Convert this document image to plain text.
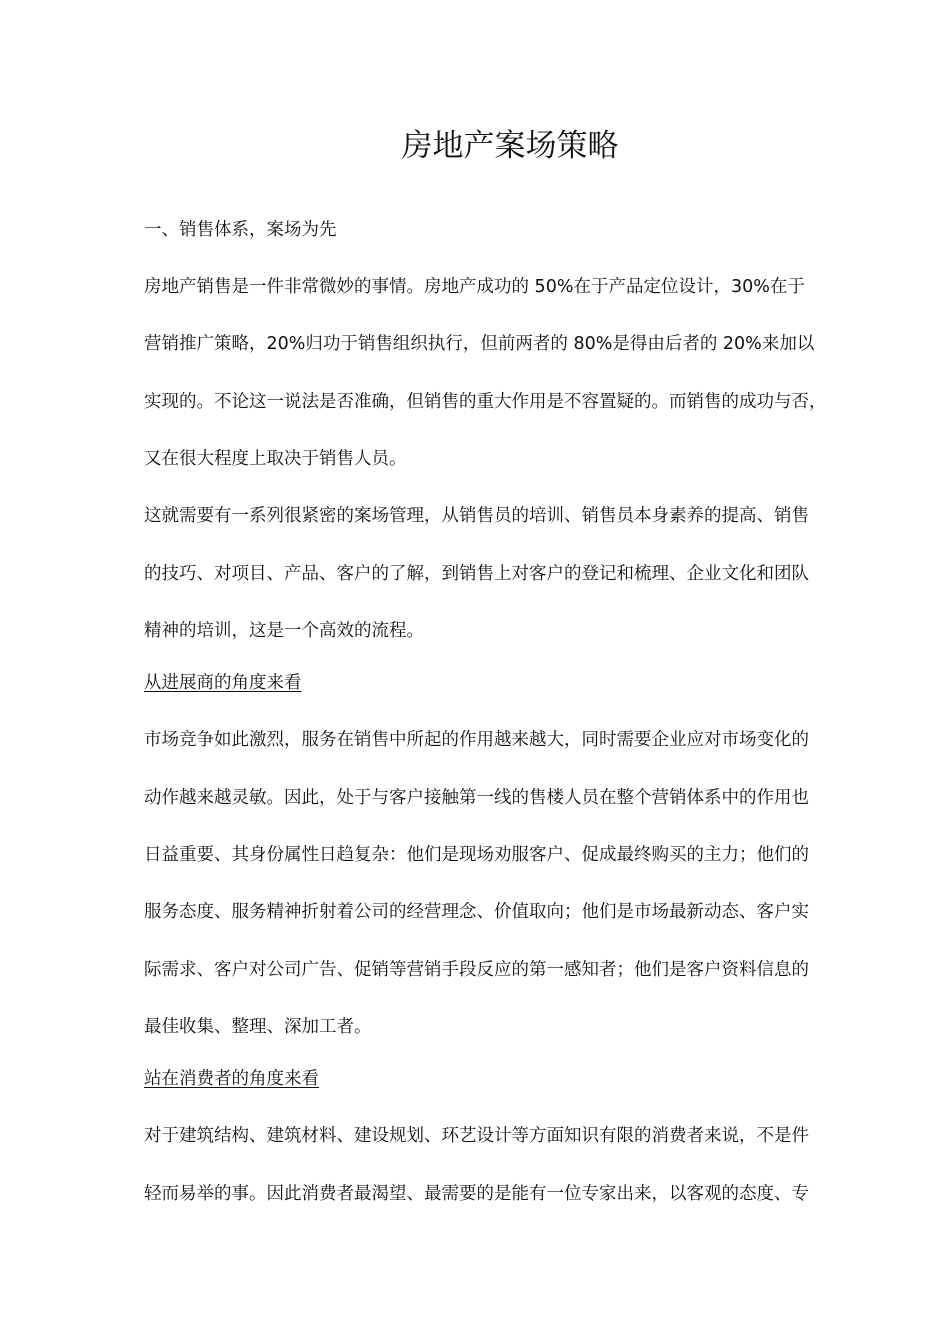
房地产案场策略
一、销售体系，案场为先
房地产销售是一件非常微妙的事情。房地产成功的 50%在于产品定位设计，30%在于
营销推广策略，20%归功于销售组织执行，但前两者的 80%是得由后者的 20%来加以
实现的。不论这一说法是否准确，但销售的重大作用是不容置疑的。而销售的成功与否，
又在很大程度上取决于销售人员。
这就需要有一系列很紧密的案场管理，从销售员的培训、销售员本身素养的提高、销售
的技巧、对项目、产品、客户的了解，到销售上对客户的登记和梳理、企业文化和团队
精神的培训，这是一个高效的流程。
从进展商的角度来看
市场竞争如此激烈，服务在销售中所起的作用越来越大，同时需要企业应对市场变化的
动作越来越灵敏。因此，处于与客户接触第一线的售楼人员在整个营销体系中的作用也
日益重要、其身份属性日趋复杂：他们是现场劝服客户、促成最终购买的主力；他们的
服务态度、服务精神折射着公司的经营理念、价值取向；他们是市场最新动态、客户实
际需求、客户对公司广告、促销等营销手段反应的第一感知者；他们是客户资料信息的
最佳收集、整理、深加工者。
站在消费者的角度来看
对于建筑结构、建筑材料、建设规划、环艺设计等方面知识有限的消费者来说，不是件
轻而易举的事。因此消费者最渴望、最需要的是能有一位专家出来，以客观的态度、专
